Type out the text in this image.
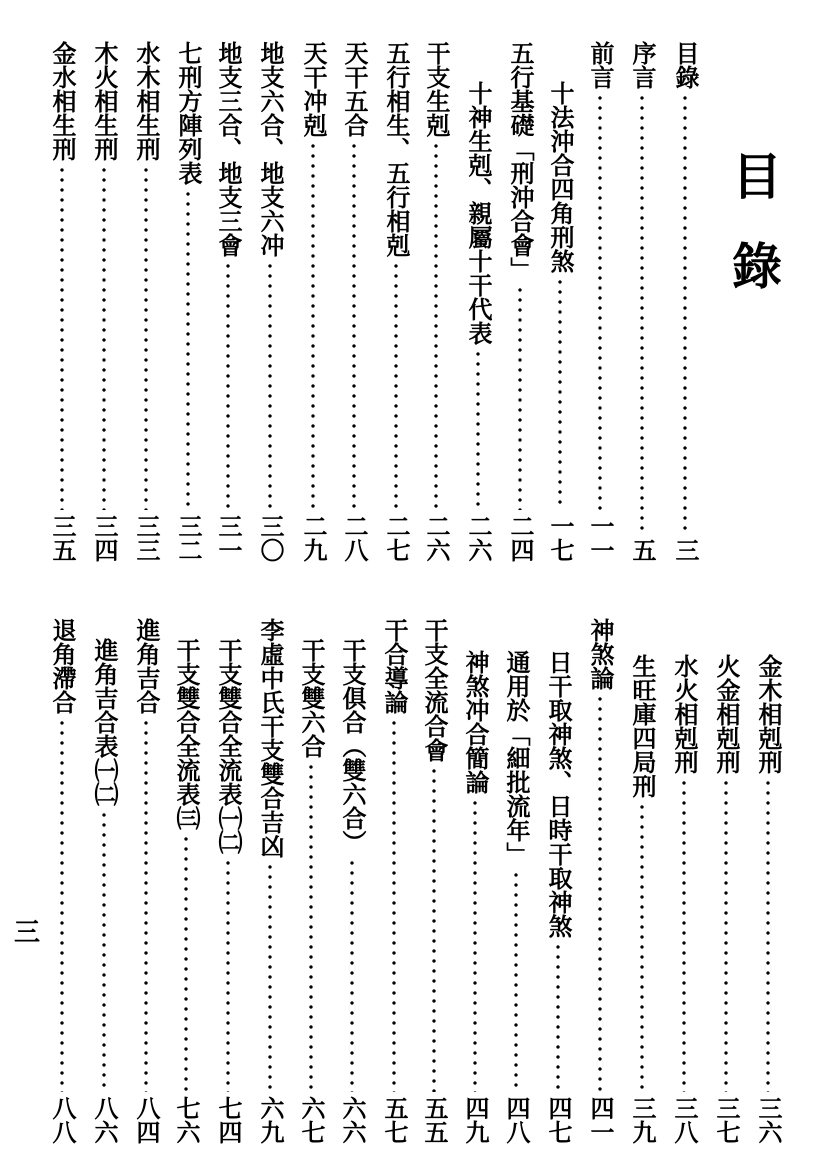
目錄
目錄
三
序言
五
前言
一一
十法沖合四角刑煞
一七
五行基礎「刑沖合會」
二四
十神生剋、親屬十干代表
二六
干支生剋
二六
五行相生、五行相剋
二七
天干五合
二八
天干冲剋
二九
地支六合、地支六冲
三〇
地支三合、地支三會
三一
七刑方陣列表
三二
水木相生刑
三三
木火相生刑
三四
金水相生刑
三五
金木相剋刑
三六
火金相剋刑
三七
水火相剋刑
三八
生旺庫四局刑
三九
神煞論
四一
日干取神煞、日時干取神煞
四七
通用於「細批流年」
四八
神煞冲合簡論
四九
干支全流合會
五五
干合導論
五七
干支俱合（雙六合）
六六
干支雙六合
六七
李虛中氏干支雙合吉凶
六九
干支雙合全流表㈠㈡
七四
干支雙合全流表㈢
七六
進角吉合
八四
進角吉合表㈠㈡
八六
退角滯合
八八
三
